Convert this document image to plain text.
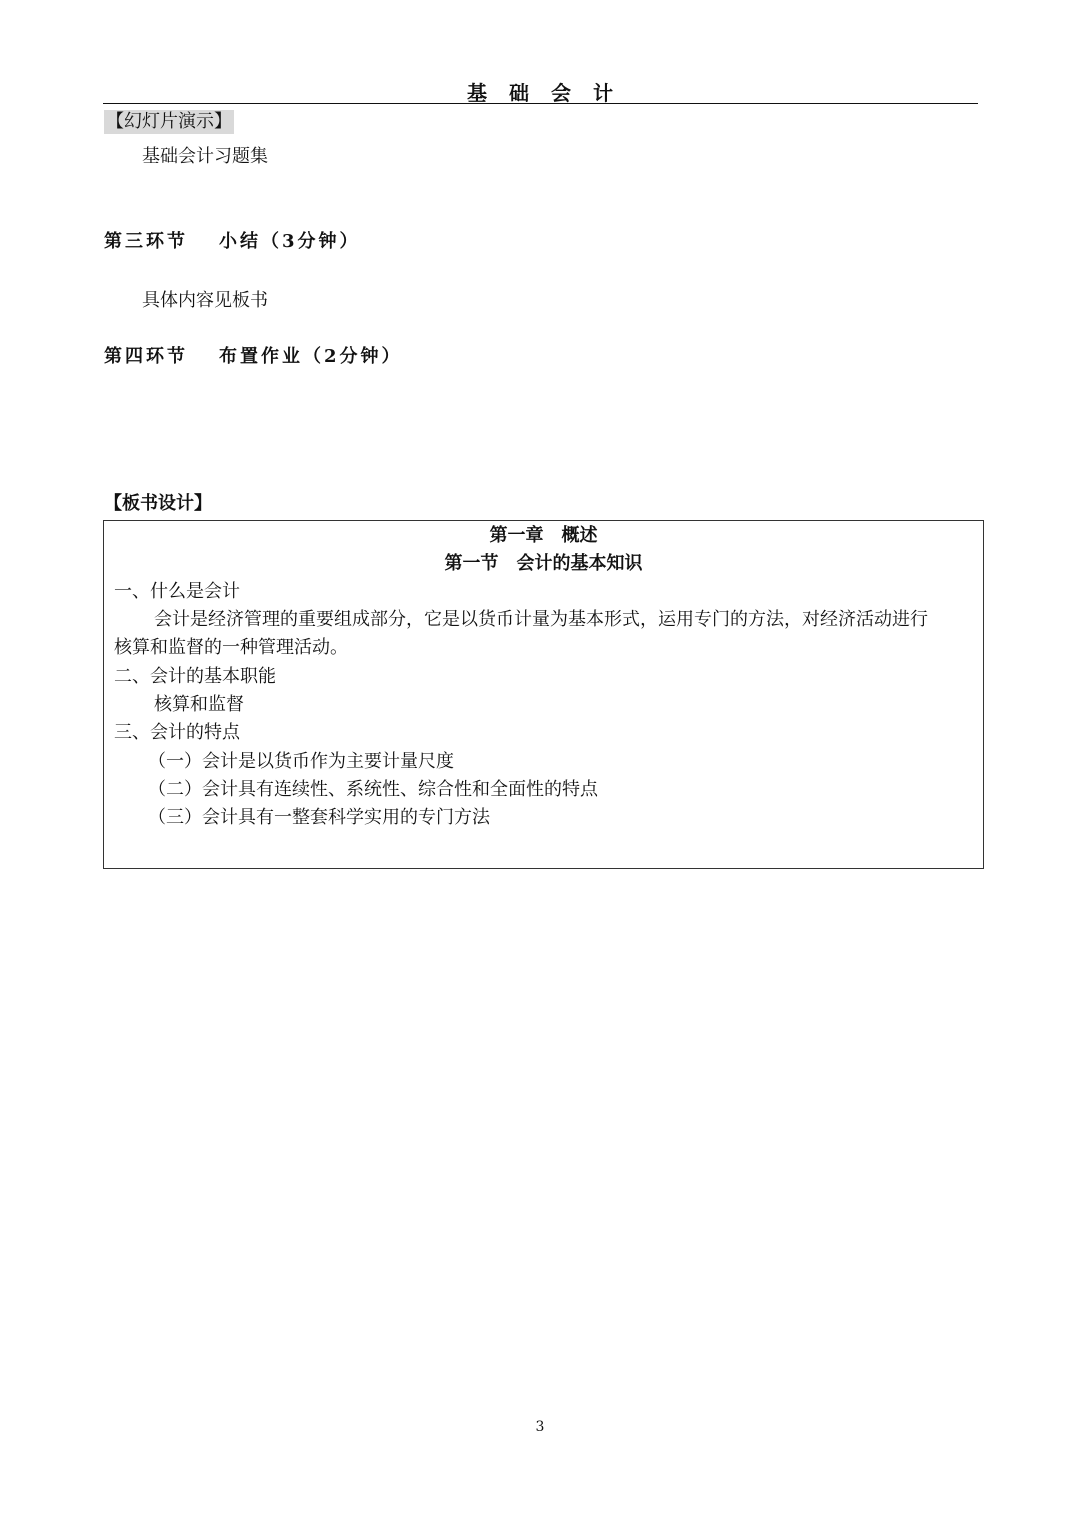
基础会计
【幻灯片演示】
基础会计习题集
第三环节 小结（3分钟）
具体内容见板书
第四环节 布置作业（2分钟）
【板书设计】
第一章　概述
第一节　会计的基本知识
一、什么是会计
会计是经济管理的重要组成部分，它是以货币计量为基本形式，运用专门的方法，对经济活动进行
核算和监督的一种管理活动。
二、会计的基本职能
核算和监督
三、会计的特点
（一）会计是以货币作为主要计量尺度
（二）会计具有连续性、系统性、综合性和全面性的特点
（三）会计具有一整套科学实用的专门方法
3
